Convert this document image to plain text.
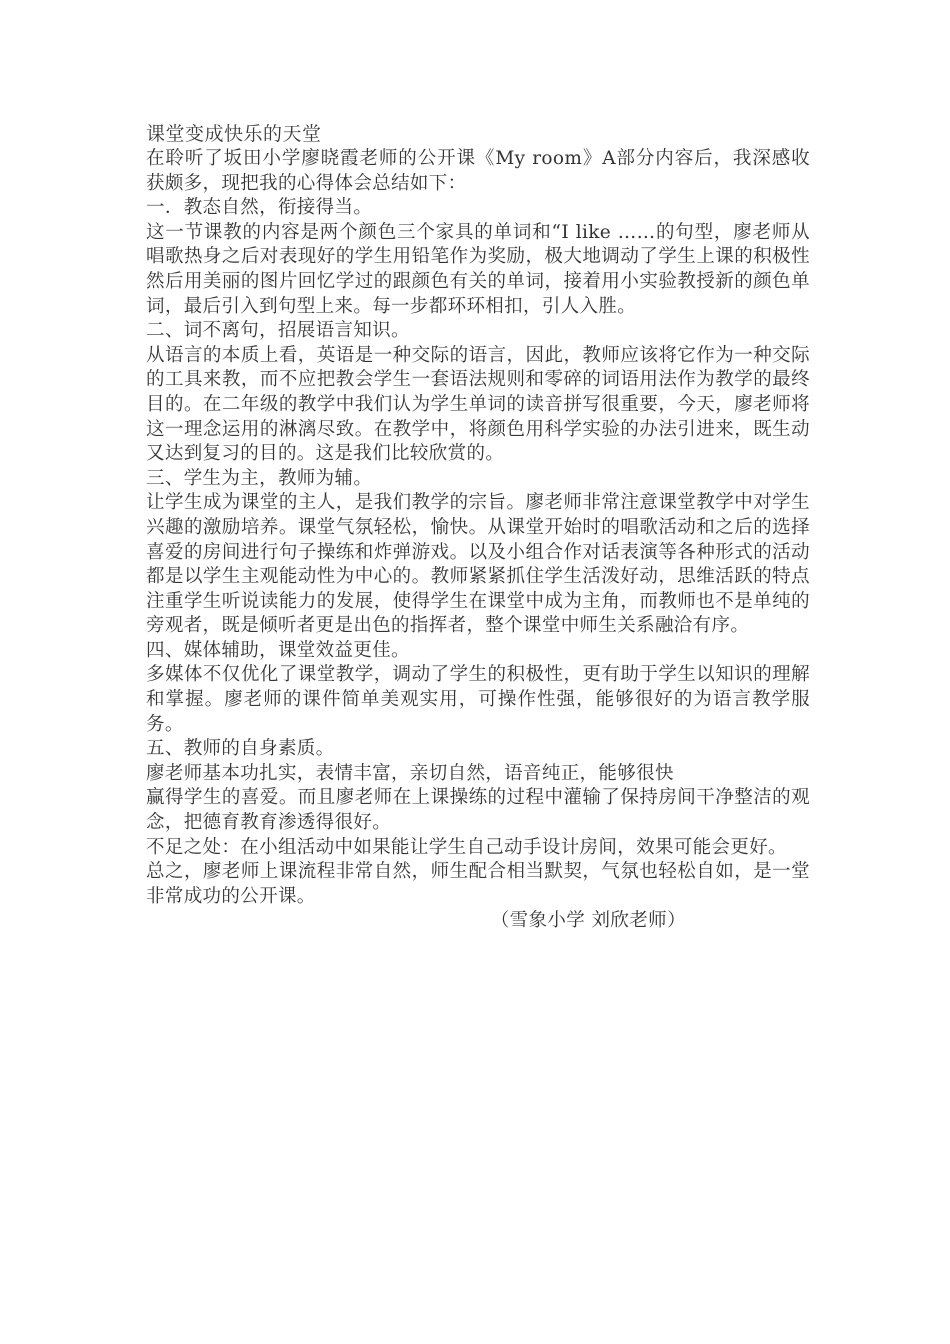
课堂变成快乐的天堂

在聆听了坂田小学廖晓霞老师的公开课《My room》A部分内容后，我深感收获颇多，现把我的心得体会总结如下：

一．教态自然，衔接得当。

这一节课教的内容是两个颜色三个家具的单词和“I like ……的句型，廖老师从唱歌热身之后对表现好的学生用铅笔作为奖励，极大地调动了学生上课的积极性然后用美丽的图片回忆学过的跟颜色有关的单词，接着用小实验教授新的颜色单词，最后引入到句型上来。每一步都环环相扣，引人入胜。

二、词不离句，招展语言知识。

从语言的本质上看，英语是一种交际的语言，因此，教师应该将它作为一种交际的工具来教，而不应把教会学生一套语法规则和零碎的词语用法作为教学的最终目的。在二年级的教学中我们认为学生单词的读音拼写很重要，今天，廖老师将这一理念运用的淋漓尽致。在教学中，将颜色用科学实验的办法引进来，既生动又达到复习的目的。这是我们比较欣赏的。

三、学生为主，教师为辅。

让学生成为课堂的主人，是我们教学的宗旨。廖老师非常注意课堂教学中对学生兴趣的激励培养。课堂气氛轻松，愉快。从课堂开始时的唱歌活动和之后的选择喜爱的房间进行句子操练和炸弹游戏。以及小组合作对话表演等各种形式的活动都是以学生主观能动性为中心的。教师紧紧抓住学生活泼好动，思维活跃的特点注重学生听说读能力的发展，使得学生在课堂中成为主角，而教师也不是单纯的旁观者，既是倾听者更是出色的指挥者，整个课堂中师生关系融洽有序。

四、媒体辅助，课堂效益更佳。

多媒体不仅优化了课堂教学，调动了学生的积极性，更有助于学生以知识的理解和掌握。廖老师的课件简单美观实用，可操作性强，能够很好的为语言教学服务。

五、教师的自身素质。

廖老师基本功扎实，表情丰富，亲切自然，语音纯正，能够很快

赢得学生的喜爱。而且廖老师在上课操练的过程中灌输了保持房间干净整洁的观念，把德育教育渗透得很好。

不足之处：在小组活动中如果能让学生自己动手设计房间，效果可能会更好。

总之，廖老师上课流程非常自然，师生配合相当默契，气氛也轻松自如，是一堂非常成功的公开课。

（雪象小学 刘欣老师）
